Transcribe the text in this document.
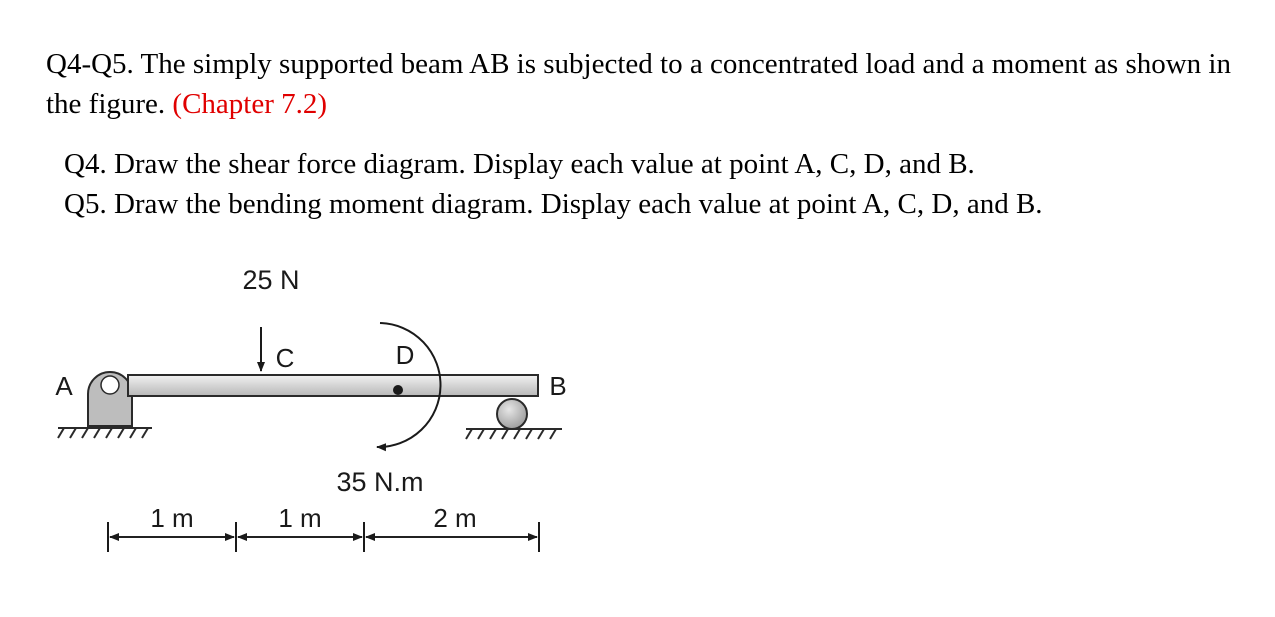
Q4-Q5. The simply supported beam AB is subjected to a concentrated load and a moment as shown in the figure. (Chapter 7.2)

Q4. Draw the shear force diagram. Display each value at point A, C, D, and B.

Q5. Draw the bending moment diagram. Display each value at point A, C, D, and B.

25 N
C	D
A	B
35 N.m
1 m	1 m	2 m
